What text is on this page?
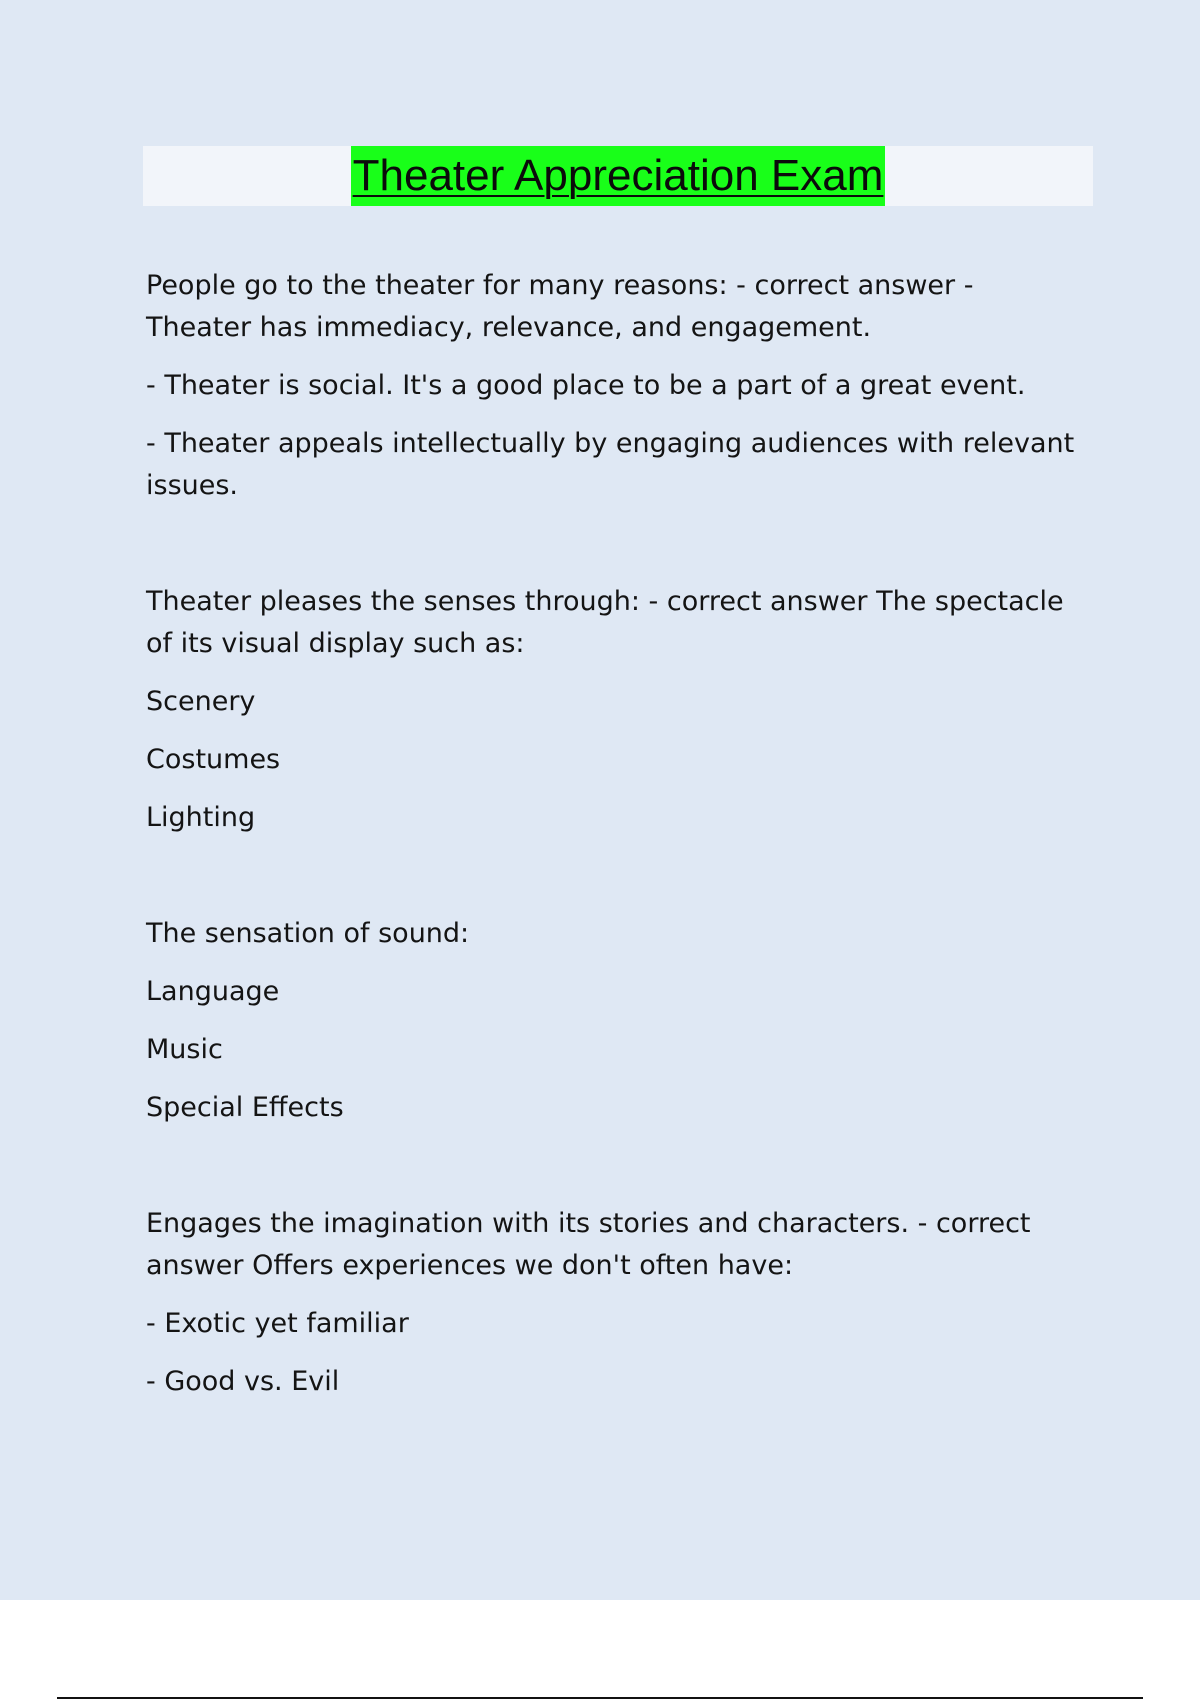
Theater Appreciation Exam

People go to the theater for many reasons: - correct answer - Theater has immediacy, relevance, and engagement.

- Theater is social. It's a good place to be a part of a great event.

- Theater appeals intellectually by engaging audiences with relevant issues.

Theater pleases the senses through: - correct answer The spectacle of its visual display such as:

Scenery

Costumes

Lighting

The sensation of sound:

Language

Music

Special Effects

Engages the imagination with its stories and characters. - correct answer Offers experiences we don't often have:

- Exotic yet familiar

- Good vs. Evil
